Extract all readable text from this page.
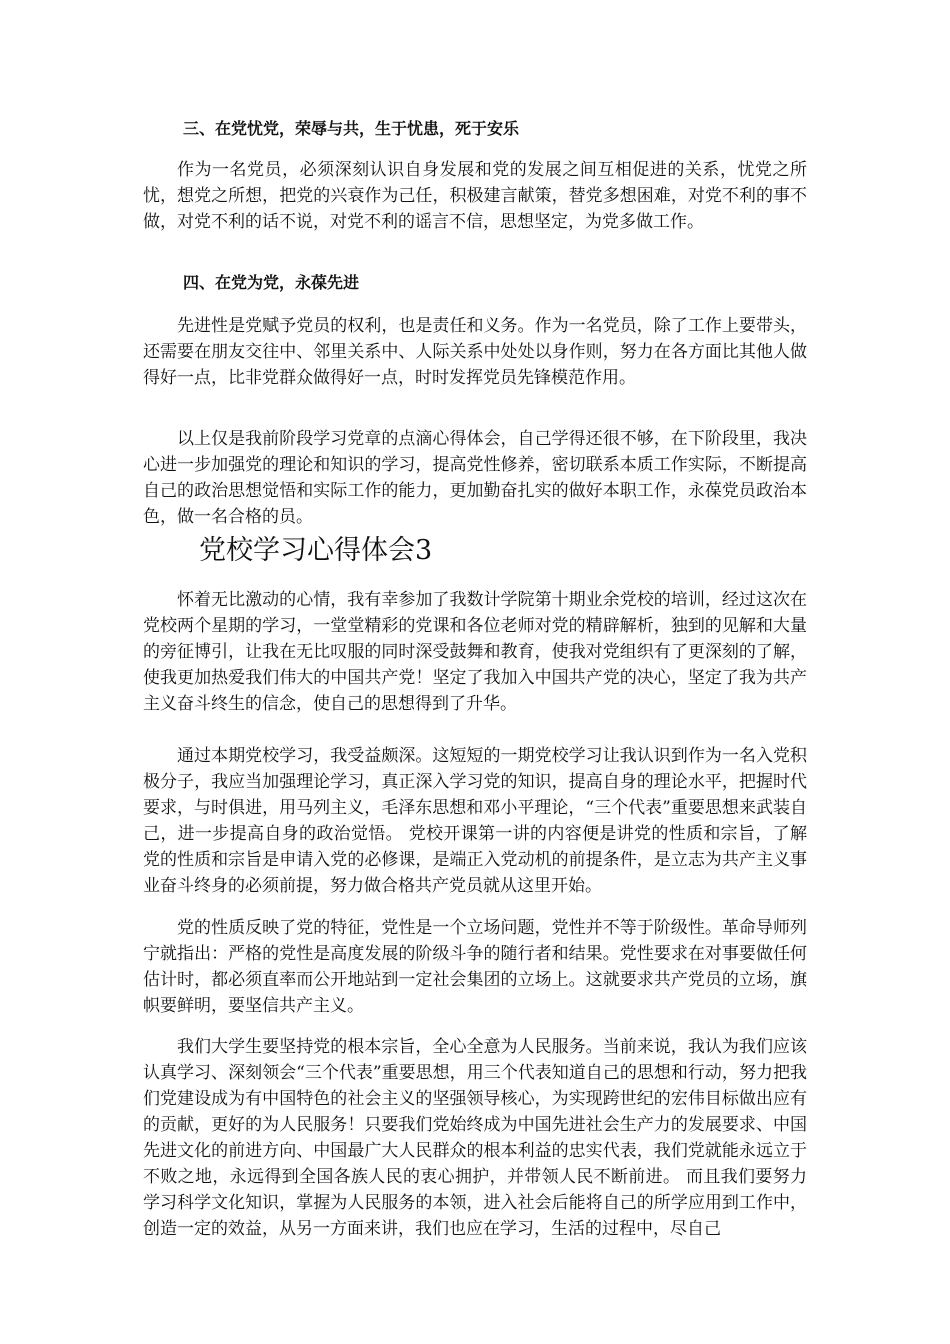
三、在党忧党，荣辱与共，生于忧患，死于安乐

作为一名党员，必须深刻认识自身发展和党的发展之间互相促进的关系，忧党之所忧，想党之所想，把党的兴衰作为己任，积极建言献策，替党多想困难，对党不利的事不做，对党不利的话不说，对党不利的谣言不信，思想坚定，为党多做工作。

四、在党为党，永葆先进

先进性是党赋予党员的权利，也是责任和义务。作为一名党员，除了工作上要带头，还需要在朋友交往中、邻里关系中、人际关系中处处以身作则，努力在各方面比其他人做得好一点，比非党群众做得好一点，时时发挥党员先锋模范作用。

以上仅是我前阶段学习党章的点滴心得体会，自己学得还很不够，在下阶段里，我决心进一步加强党的理论和知识的学习，提高党性修养，密切联系本质工作实际，不断提高自己的政治思想觉悟和实际工作的能力，更加勤奋扎实的做好本职工作，永葆党员政治本色，做一名合格的员。

党校学习心得体会3

怀着无比激动的心情，我有幸参加了我数计学院第十期业余党校的培训，经过这次在党校两个星期的学习，一堂堂精彩的党课和各位老师对党的精辟解析，独到的见解和大量的旁征博引，让我在无比叹服的同时深受鼓舞和教育，使我对党组织有了更深刻的了解，使我更加热爱我们伟大的中国共产党！坚定了我加入中国共产党的决心，坚定了我为共产主义奋斗终生的信念，使自己的思想得到了升华。

通过本期党校学习，我受益颇深。这短短的一期党校学习让我认识到作为一名入党积极分子，我应当加强理论学习，真正深入学习党的知识，提高自身的理论水平，把握时代要求，与时俱进，用马列主义，毛泽东思想和邓小平理论，“三个代表”重要思想来武装自己，进一步提高自身的政治觉悟。 党校开课第一讲的内容便是讲党的性质和宗旨，了解党的性质和宗旨是申请入党的必修课，是端正入党动机的前提条件，是立志为共产主义事业奋斗终身的必须前提，努力做合格共产党员就从这里开始。

党的性质反映了党的特征，党性是一个立场问题，党性并不等于阶级性。革命导师列宁就指出：严格的党性是高度发展的阶级斗争的随行者和结果。党性要求在对事要做任何估计时，都必须直率而公开地站到一定社会集团的立场上。这就要求共产党员的立场，旗帜要鲜明，要坚信共产主义。

我们大学生要坚持党的根本宗旨，全心全意为人民服务。当前来说，我认为我们应该认真学习、深刻领会“三个代表”重要思想，用三个代表知道自己的思想和行动，努力把我们党建设成为有中国特色的社会主义的坚强领导核心，为实现跨世纪的宏伟目标做出应有的贡献，更好的为人民服务！只要我们党始终成为中国先进社会生产力的发展要求、中国先进文化的前进方向、中国最广大人民群众的根本利益的忠实代表，我们党就能永远立于不败之地，永远得到全国各族人民的衷心拥护，并带领人民不断前进。 而且我们要努力学习科学文化知识，掌握为人民服务的本领，进入社会后能将自己的所学应用到工作中，创造一定的效益，从另一方面来讲，我们也应在学习，生活的过程中，尽自己
